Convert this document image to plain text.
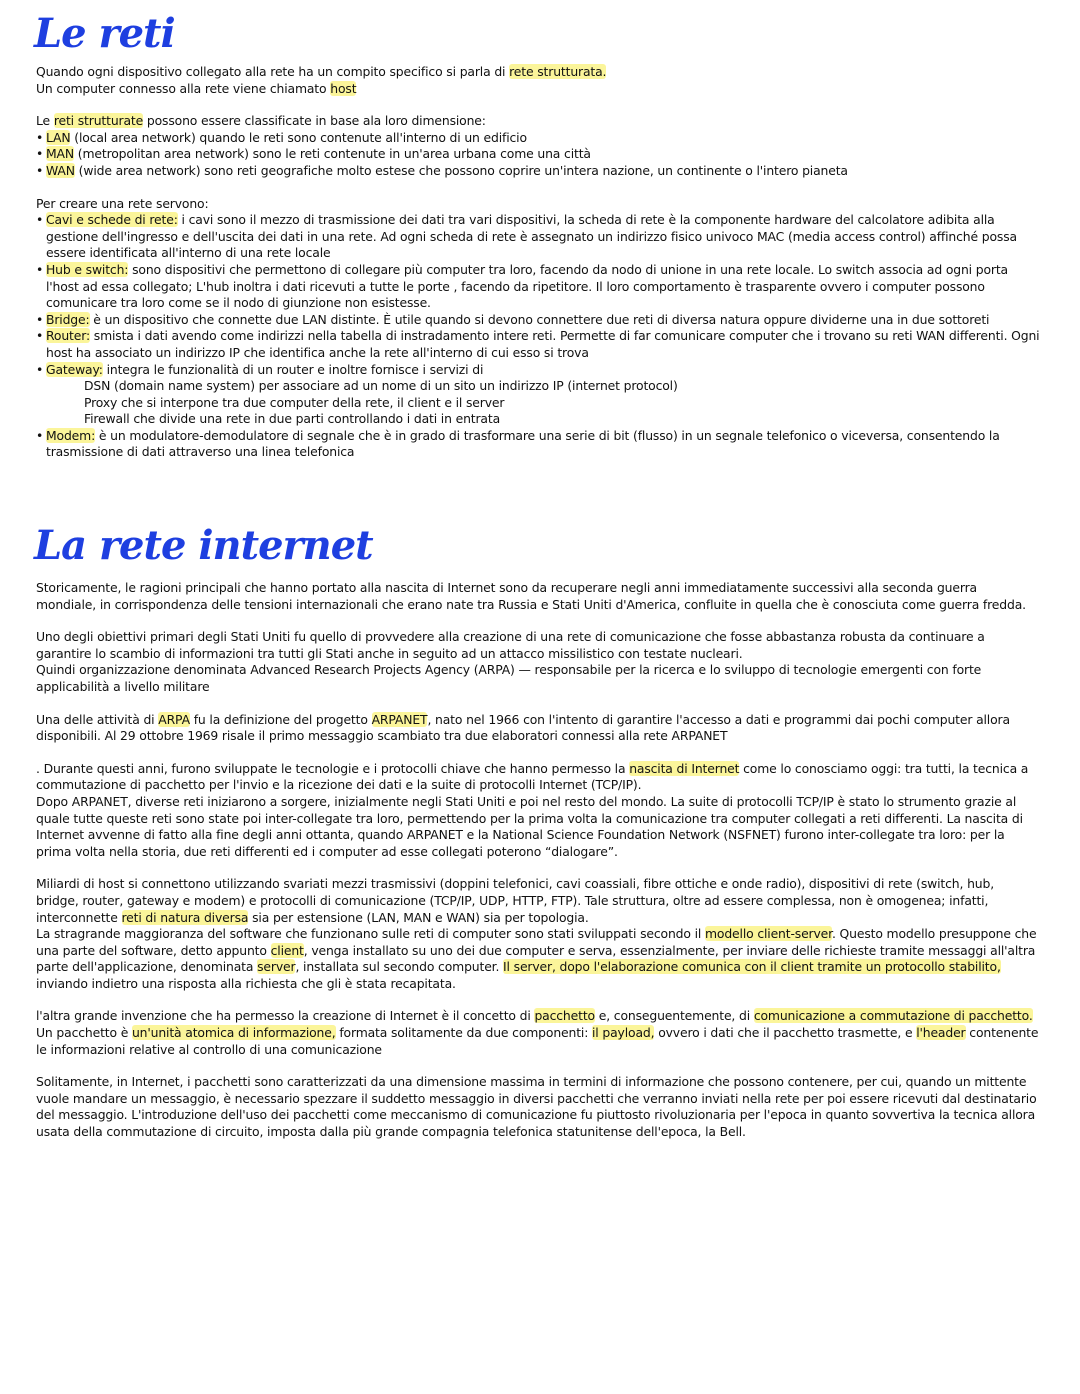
Le reti

Quando ogni dispositivo collegato alla rete ha un compito specifico si parla di rete strutturata.

Un computer connesso alla rete viene chiamato host

Le reti strutturate possono essere classificate in base ala loro dimensione:

• LAN (local area network) quando le reti sono contenute all'interno di un edificio
• MAN (metropolitan area network) sono le reti contenute in un'area urbana come una città
• WAN (wide area network) sono reti geografiche molto estese che possono coprire un'intera nazione, un continente o l'intero pianeta

Per creare una rete servono:

• Cavi e schede di rete: i cavi sono il mezzo di trasmissione dei dati tra vari dispositivi, la scheda di rete è la componente hardware del calcolatore adibita alla gestione dell'ingresso e dell'uscita dei dati in una rete. Ad ogni scheda di rete è assegnato un indirizzo fisico univoco MAC (media access control) affinché possa essere identificata all'interno di una rete locale
• Hub e switch: sono dispositivi che permettono di collegare più computer tra loro, facendo da nodo di unione in una rete locale. Lo switch associa ad ogni porta l'host ad essa collegato; L'hub inoltra i dati ricevuti a tutte le porte , facendo da ripetitore. Il loro comportamento è trasparente ovvero i computer possono comunicare tra loro come se il nodo di giunzione non esistesse.
• Bridge: è un dispositivo che connette due LAN distinte. È utile quando si devono connettere due reti di diversa natura oppure dividerne una in due sottoreti
• Router: smista i dati avendo come indirizzi nella tabella di instradamento intere reti. Permette di far comunicare computer che i trovano su reti WAN differenti. Ogni host ha associato un indirizzo IP che identifica anche la rete all'interno di cui esso si trova
• Gateway: integra le funzionalità di un router e inoltre fornisce i servizi di
DSN (domain name system) per associare ad un nome di un sito un indirizzo IP (internet protocol)
Proxy che si interpone tra due computer della rete, il client e il server
Firewall che divide una rete in due parti controllando i dati in entrata
• Modem: è un modulatore-demodulatore di segnale che è in grado di trasformare una serie di bit (flusso) in un segnale telefonico o viceversa, consentendo la trasmissione di dati attraverso una linea telefonica
La rete internet

Storicamente, le ragioni principali che hanno portato alla nascita di Internet sono da recuperare negli anni immediatamente successivi alla seconda guerra mondiale, in corrispondenza delle tensioni internazionali che erano nate tra Russia e Stati Uniti d'America, confluite in quella che è conosciuta come guerra fredda.

Uno degli obiettivi primari degli Stati Uniti fu quello di provvedere alla creazione di una rete di comunicazione che fosse abbastanza robusta da continuare a garantire lo scambio di informazioni tra tutti gli Stati anche in seguito ad un attacco missilistico con testate nucleari.

Quindi organizzazione denominata Advanced Research Projects Agency (ARPA) — responsabile per la ricerca e lo sviluppo di tecnologie emergenti con forte applicabilità a livello militare

Una delle attività di ARPA fu la definizione del progetto ARPANET, nato nel 1966 con l'intento di garantire l'accesso a dati e programmi dai pochi computer allora disponibili. Al 29 ottobre 1969 risale il primo messaggio scambiato tra due elaboratori connessi alla rete ARPANET

. Durante questi anni, furono sviluppate le tecnologie e i protocolli chiave che hanno permesso la nascita di Internet come lo conosciamo oggi: tra tutti, la tecnica a commutazione di pacchetto per l'invio e la ricezione dei dati e la suite di protocolli Internet (TCP/IP).

Dopo ARPANET, diverse reti iniziarono a sorgere, inizialmente negli Stati Uniti e poi nel resto del mondo. La suite di protocolli TCP/IP è stato lo strumento grazie al quale tutte queste reti sono state poi inter-collegate tra loro, permettendo per la prima volta la comunicazione tra computer collegati a reti differenti. La nascita di Internet avvenne di fatto alla fine degli anni ottanta, quando ARPANET e la National Science Foundation Network (NSFNET) furono inter-collegate tra loro: per la prima volta nella storia, due reti differenti ed i computer ad esse collegati poterono “dialogare”.

Miliardi di host si connettono utilizzando svariati mezzi trasmissivi (doppini telefonici, cavi coassiali, fibre ottiche e onde radio), dispositivi di rete (switch, hub, bridge, router, gateway e modem) e protocolli di comunicazione (TCP/IP, UDP, HTTP, FTP). Tale struttura, oltre ad essere complessa, non è omogenea; infatti, interconnette reti di natura diversa sia per estensione (LAN, MAN e WAN) sia per topologia.

La stragrande maggioranza del software che funzionano sulle reti di computer sono stati sviluppati secondo il modello client-server. Questo modello presuppone che una parte del software, detto appunto client, venga installato su uno dei due computer e serva, essenzialmente, per inviare delle richieste tramite messaggi all'altra parte dell'applicazione, denominata server, installata sul secondo computer. Il server, dopo l'elaborazione comunica con il client tramite un protocollo stabilito, inviando indietro una risposta alla richiesta che gli è stata recapitata.

l'altra grande invenzione che ha permesso la creazione di Internet è il concetto di pacchetto e, conseguentemente, di comunicazione a commutazione di pacchetto. Un pacchetto è un'unità atomica di informazione, formata solitamente da due componenti: il payload, ovvero i dati che il pacchetto trasmette, e l'header contenente le informazioni relative al controllo di una comunicazione

Solitamente, in Internet, i pacchetti sono caratterizzati da una dimensione massima in termini di informazione che possono contenere, per cui, quando un mittente vuole mandare un messaggio, è necessario spezzare il suddetto messaggio in diversi pacchetti che verranno inviati nella rete per poi essere ricevuti dal destinatario del messaggio. L'introduzione dell'uso dei pacchetti come meccanismo di comunicazione fu piuttosto rivoluzionaria per l'epoca in quanto sovvertiva la tecnica allora usata della commutazione di circuito, imposta dalla più grande compagnia telefonica statunitense dell'epoca, la Bell.
